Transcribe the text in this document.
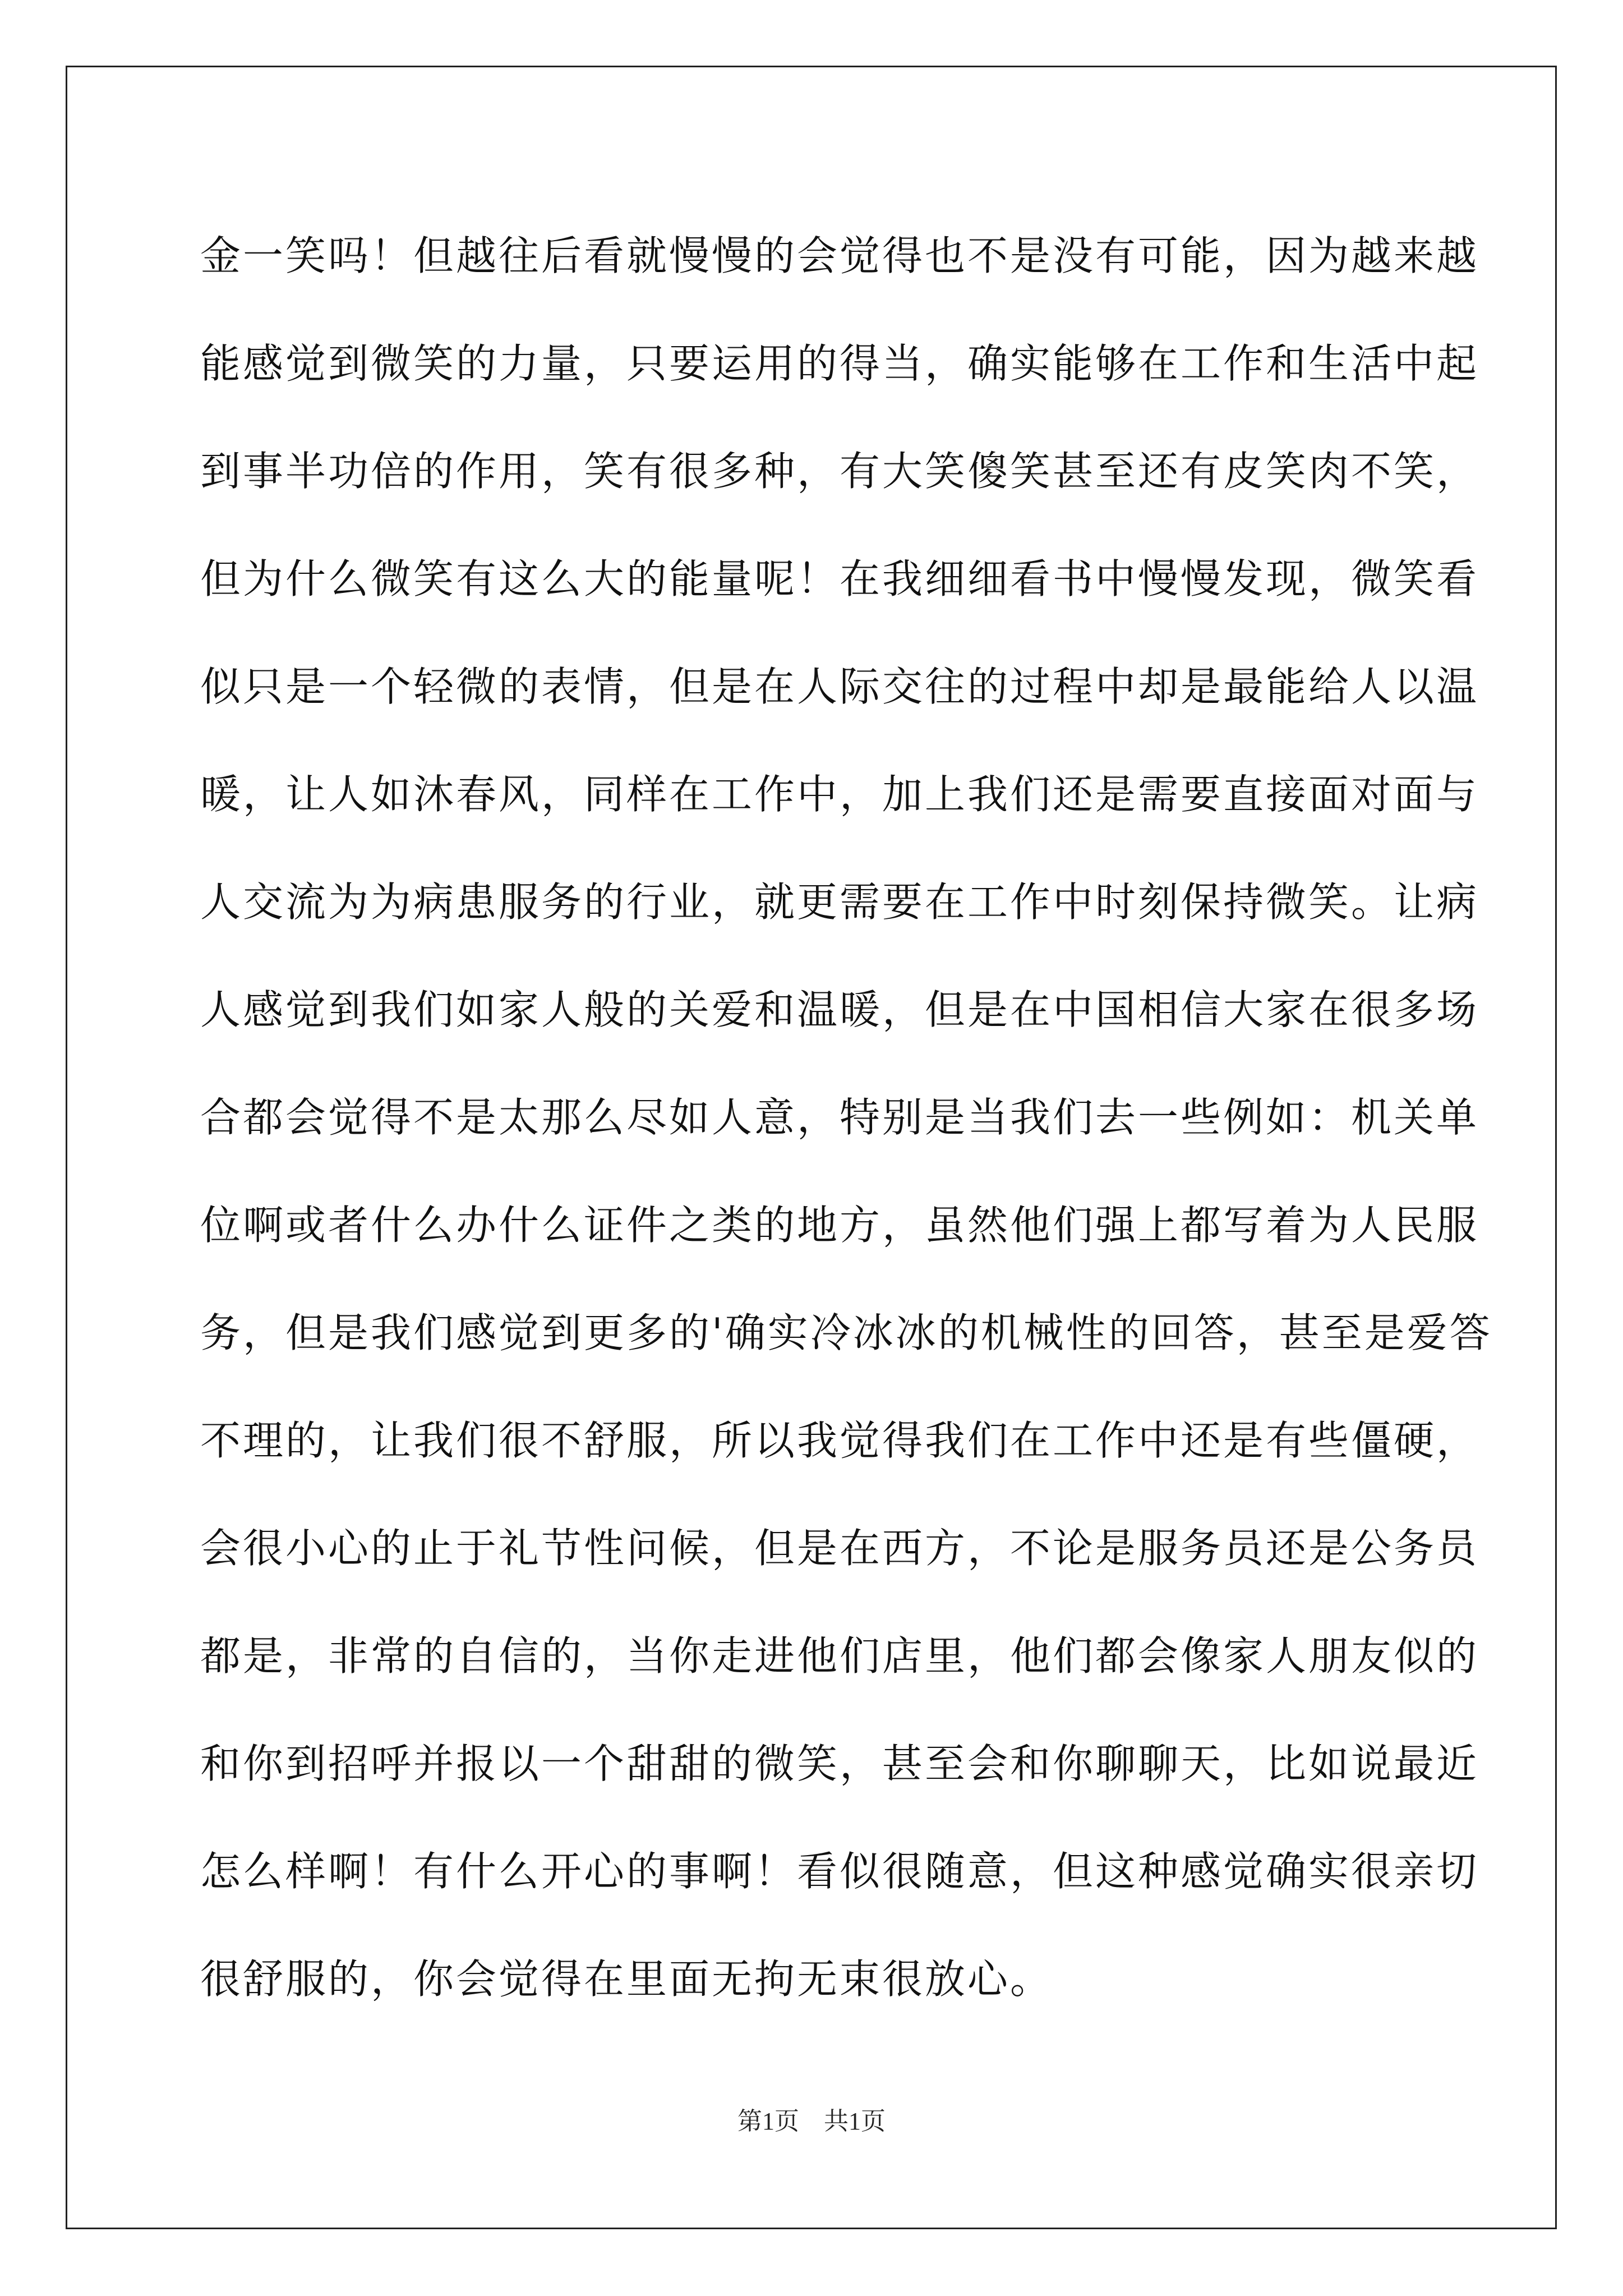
金一笑吗！但越往后看就慢慢的会觉得也不是没有可能，因为越来越
能感觉到微笑的力量，只要运用的得当，确实能够在工作和生活中起
到事半功倍的作用，笑有很多种，有大笑傻笑甚至还有皮笑肉不笑，
但为什么微笑有这么大的能量呢！在我细细看书中慢慢发现，微笑看
似只是一个轻微的表情，但是在人际交往的过程中却是最能给人以温
暖，让人如沐春风，同样在工作中，加上我们还是需要直接面对面与
人交流为为病患服务的行业，就更需要在工作中时刻保持微笑。让病
人感觉到我们如家人般的关爱和温暖，但是在中国相信大家在很多场
合都会觉得不是太那么尽如人意，特别是当我们去一些例如：机关单
位啊或者什么办什么证件之类的地方，虽然他们强上都写着为人民服
务，但是我们感觉到更多的'确实冷冰冰的机械性的回答，甚至是爱答
不理的，让我们很不舒服，所以我觉得我们在工作中还是有些僵硬，
会很小心的止于礼节性问候，但是在西方，不论是服务员还是公务员
都是，非常的自信的，当你走进他们店里，他们都会像家人朋友似的
和你到招呼并报以一个甜甜的微笑，甚至会和你聊聊天，比如说最近
怎么样啊！有什么开心的事啊！看似很随意，但这种感觉确实很亲切
很舒服的，你会觉得在里面无拘无束很放心。
第1页　共1页
